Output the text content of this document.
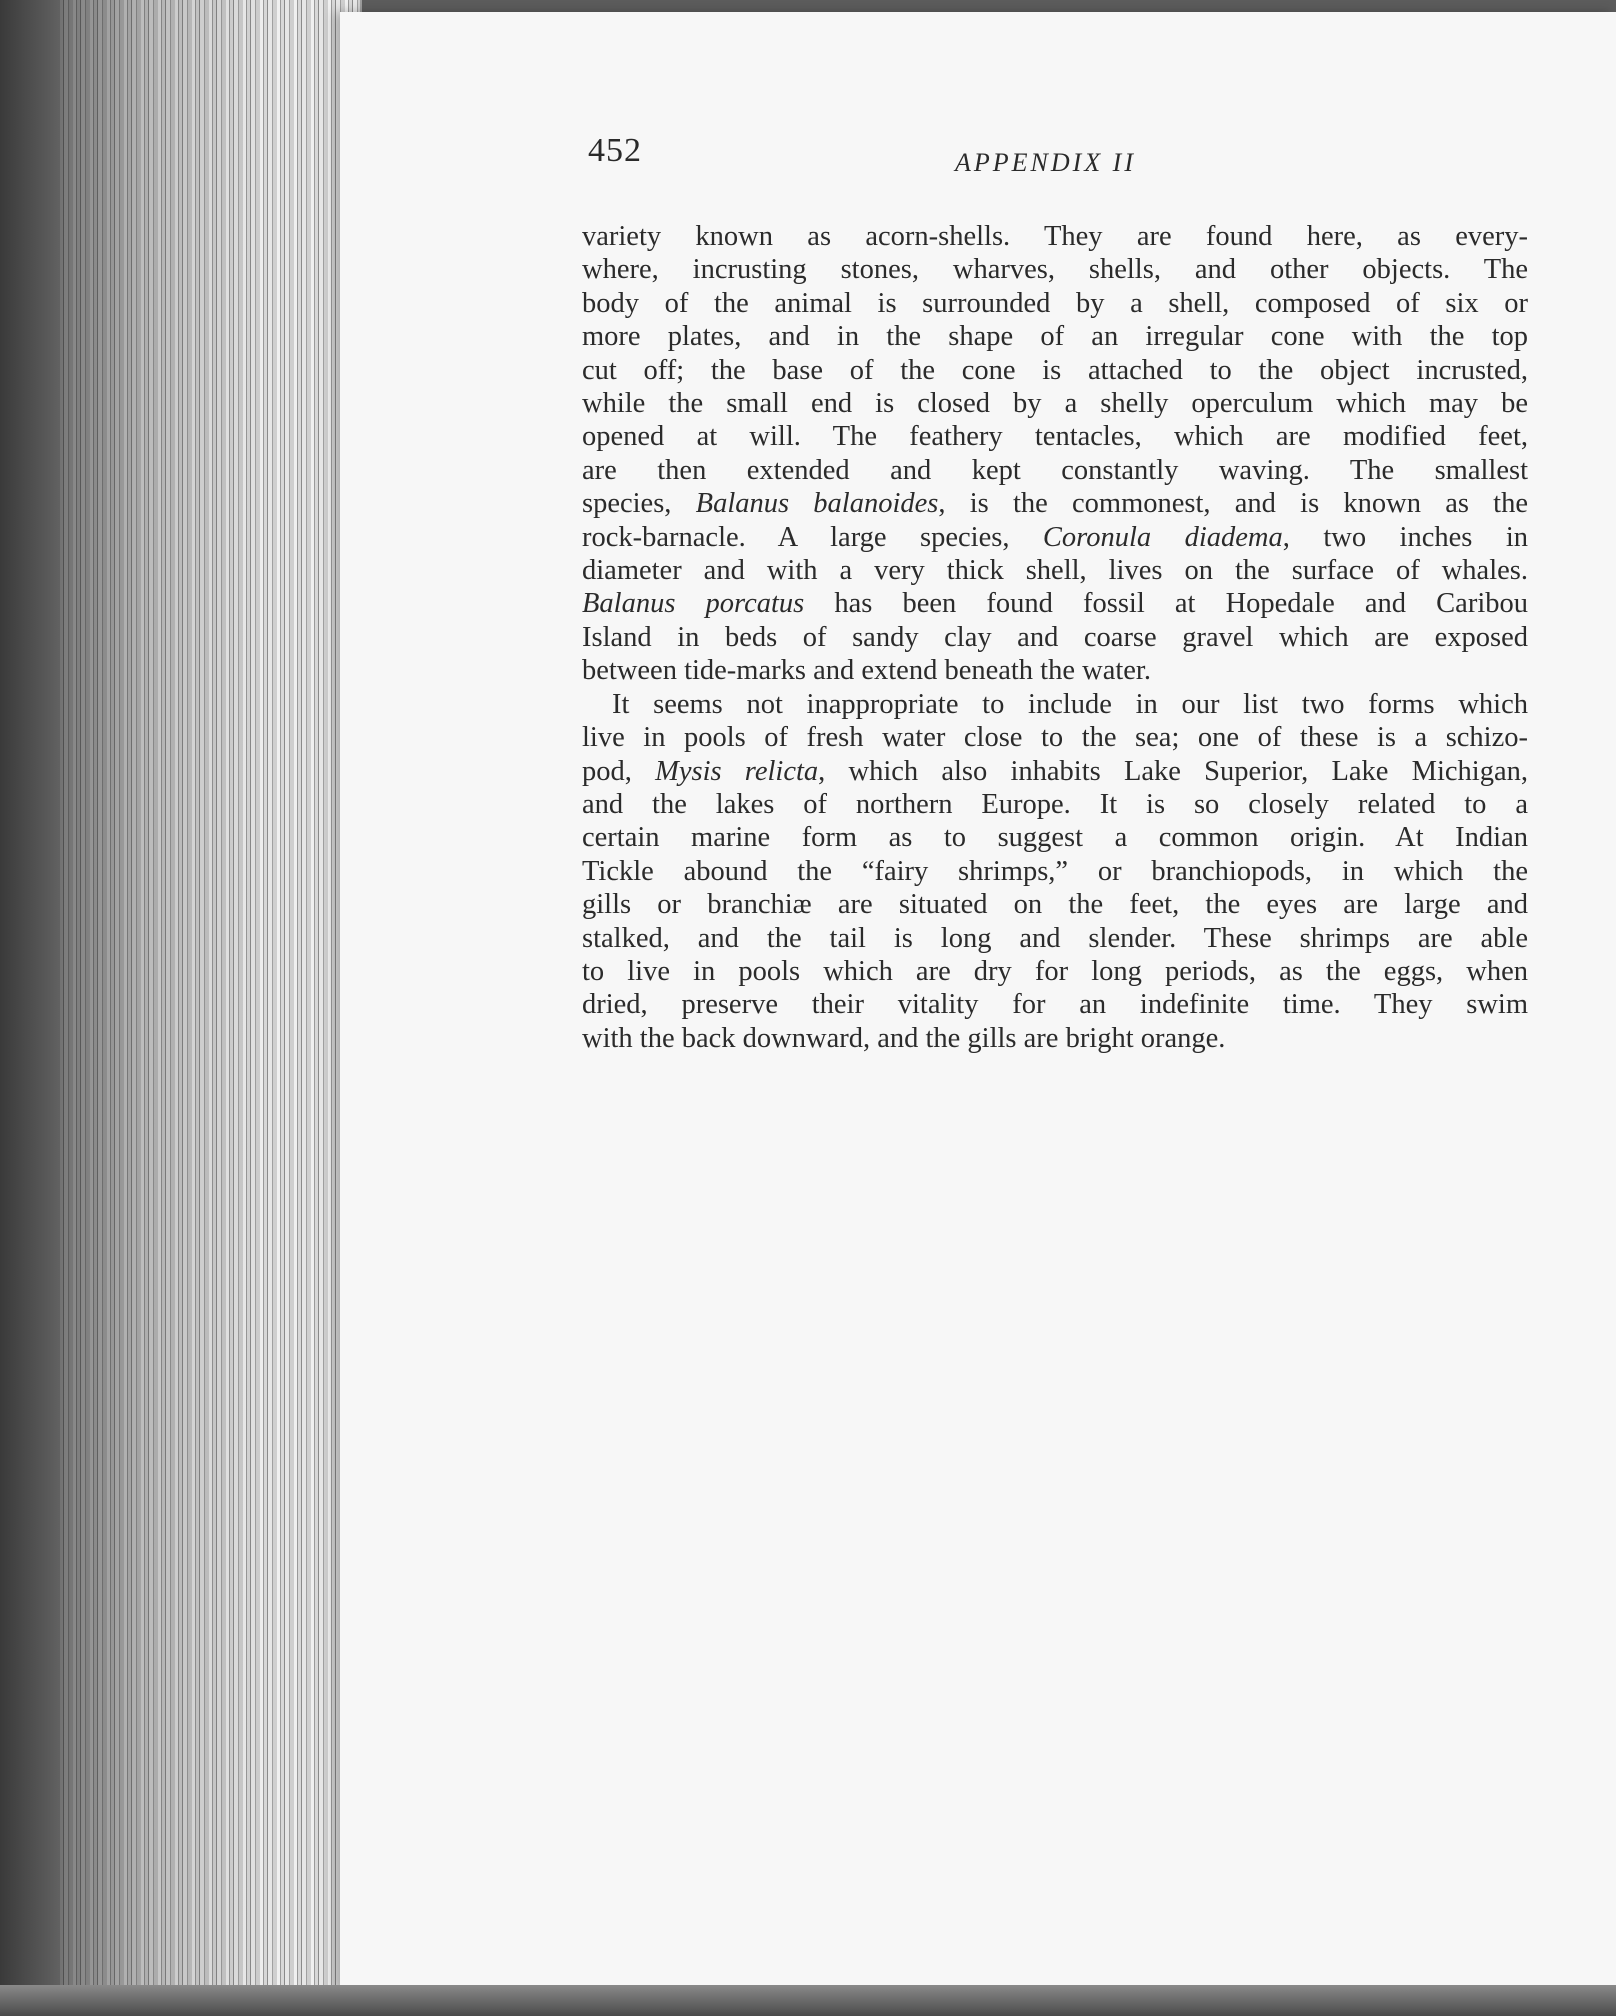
452	APPENDIX II
variety known as acorn-shells. They are found here, as every-
where, incrusting stones, wharves, shells, and other objects. The
body of the animal is surrounded by a shell, composed of six or
more plates, and in the shape of an irregular cone with the top
cut off; the base of the cone is attached to the object incrusted,
while the small end is closed by a shelly operculum which may be
opened at will. The feathery tentacles, which are modified feet,
are then extended and kept constantly waving. The smallest
species, Balanus balanoides, is the commonest, and is known as the
rock-barnacle. A large species, Coronula diadema, two inches in
diameter and with a very thick shell, lives on the surface of whales.
Balanus porcatus has been found fossil at Hopedale and Caribou
Island in beds of sandy clay and coarse gravel which are exposed
between tide-marks and extend beneath the water.
It seems not inappropriate to include in our list two forms which
live in pools of fresh water close to the sea; one of these is a schizo-
pod, Mysis relicta, which also inhabits Lake Superior, Lake Michigan,
and the lakes of northern Europe. It is so closely related to a
certain marine form as to suggest a common origin. At Indian
Tickle abound the “fairy shrimps,” or branchiopods, in which the
gills or branchiæ are situated on the feet, the eyes are large and
stalked, and the tail is long and slender. These shrimps are able
to live in pools which are dry for long periods, as the eggs, when
dried, preserve their vitality for an indefinite time. They swim
with the back downward, and the gills are bright orange.
